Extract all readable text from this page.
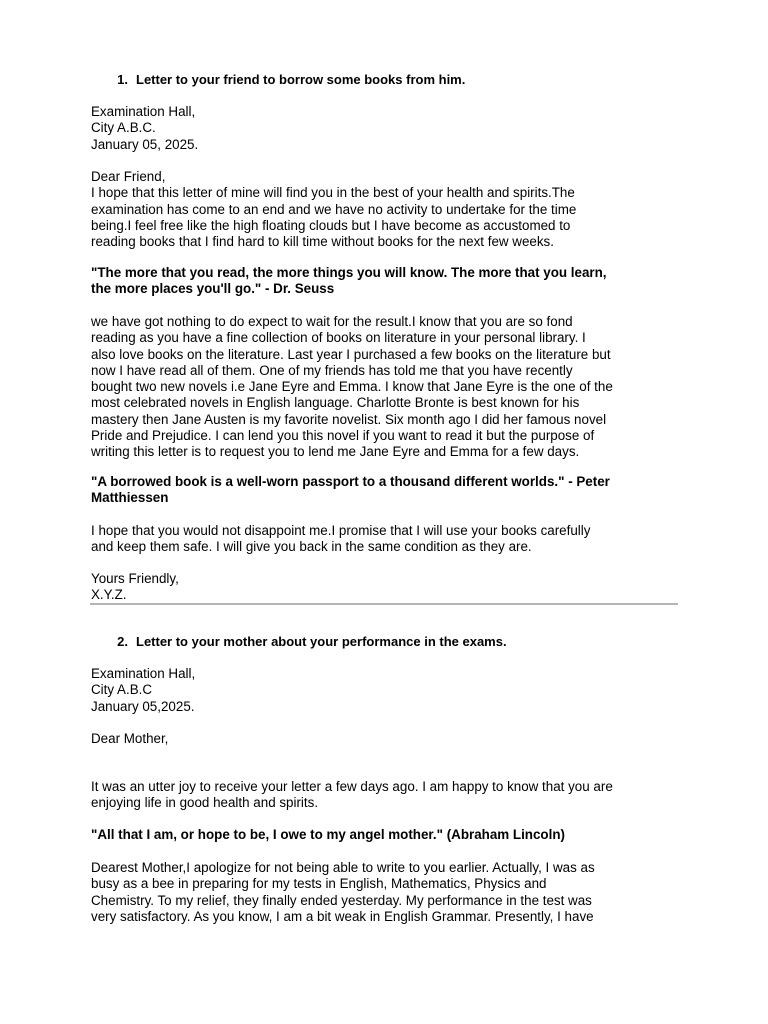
1. Letter to your friend to borrow some books from him.

Examination Hall,

City A.B.C.

January 05, 2025.

Dear Friend,

I hope that this letter of mine will find you in the best of your health and spirits.The
examination has come to an end and we have no activity to undertake for the time
being.I feel free like the high floating clouds but I have become as accustomed to
reading books that I find hard to kill time without books for the next few weeks.

"The more that you read, the more things you will know. The more that you learn,
the more places you'll go." - Dr. Seuss

we have got nothing to do expect to wait for the result.I know that you are so fond
reading as you have a fine collection of books on literature in your personal library. I
also love books on the literature. Last year I purchased a few books on the literature but
now I have read all of them. One of my friends has told me that you have recently
bought two new novels i.e Jane Eyre and Emma. I know that Jane Eyre is the one of the
most celebrated novels in English language. Charlotte Bronte is best known for his
mastery then Jane Austen is my favorite novelist. Six month ago I did her famous novel
Pride and Prejudice. I can lend you this novel if you want to read it but the purpose of
writing this letter is to request you to lend me Jane Eyre and Emma for a few days.

"A borrowed book is a well-worn passport to a thousand different worlds." - Peter
Matthiessen

I hope that you would not disappoint me.I promise that I will use your books carefully
and keep them safe. I will give you back in the same condition as they are.

Yours Friendly,

X.Y.Z.

2. Letter to your mother about your performance in the exams.

Examination Hall,

City A.B.C

January 05,2025.

Dear Mother,

It was an utter joy to receive your letter a few days ago. I am happy to know that you are
enjoying life in good health and spirits.

"All that I am, or hope to be, I owe to my angel mother." (Abraham Lincoln)

Dearest Mother,I apologize for not being able to write to you earlier. Actually, I was as
busy as a bee in preparing for my tests in English, Mathematics, Physics and
Chemistry. To my relief, they finally ended yesterday. My performance in the test was
very satisfactory. As you know, I am a bit weak in English Grammar. Presently, I have
